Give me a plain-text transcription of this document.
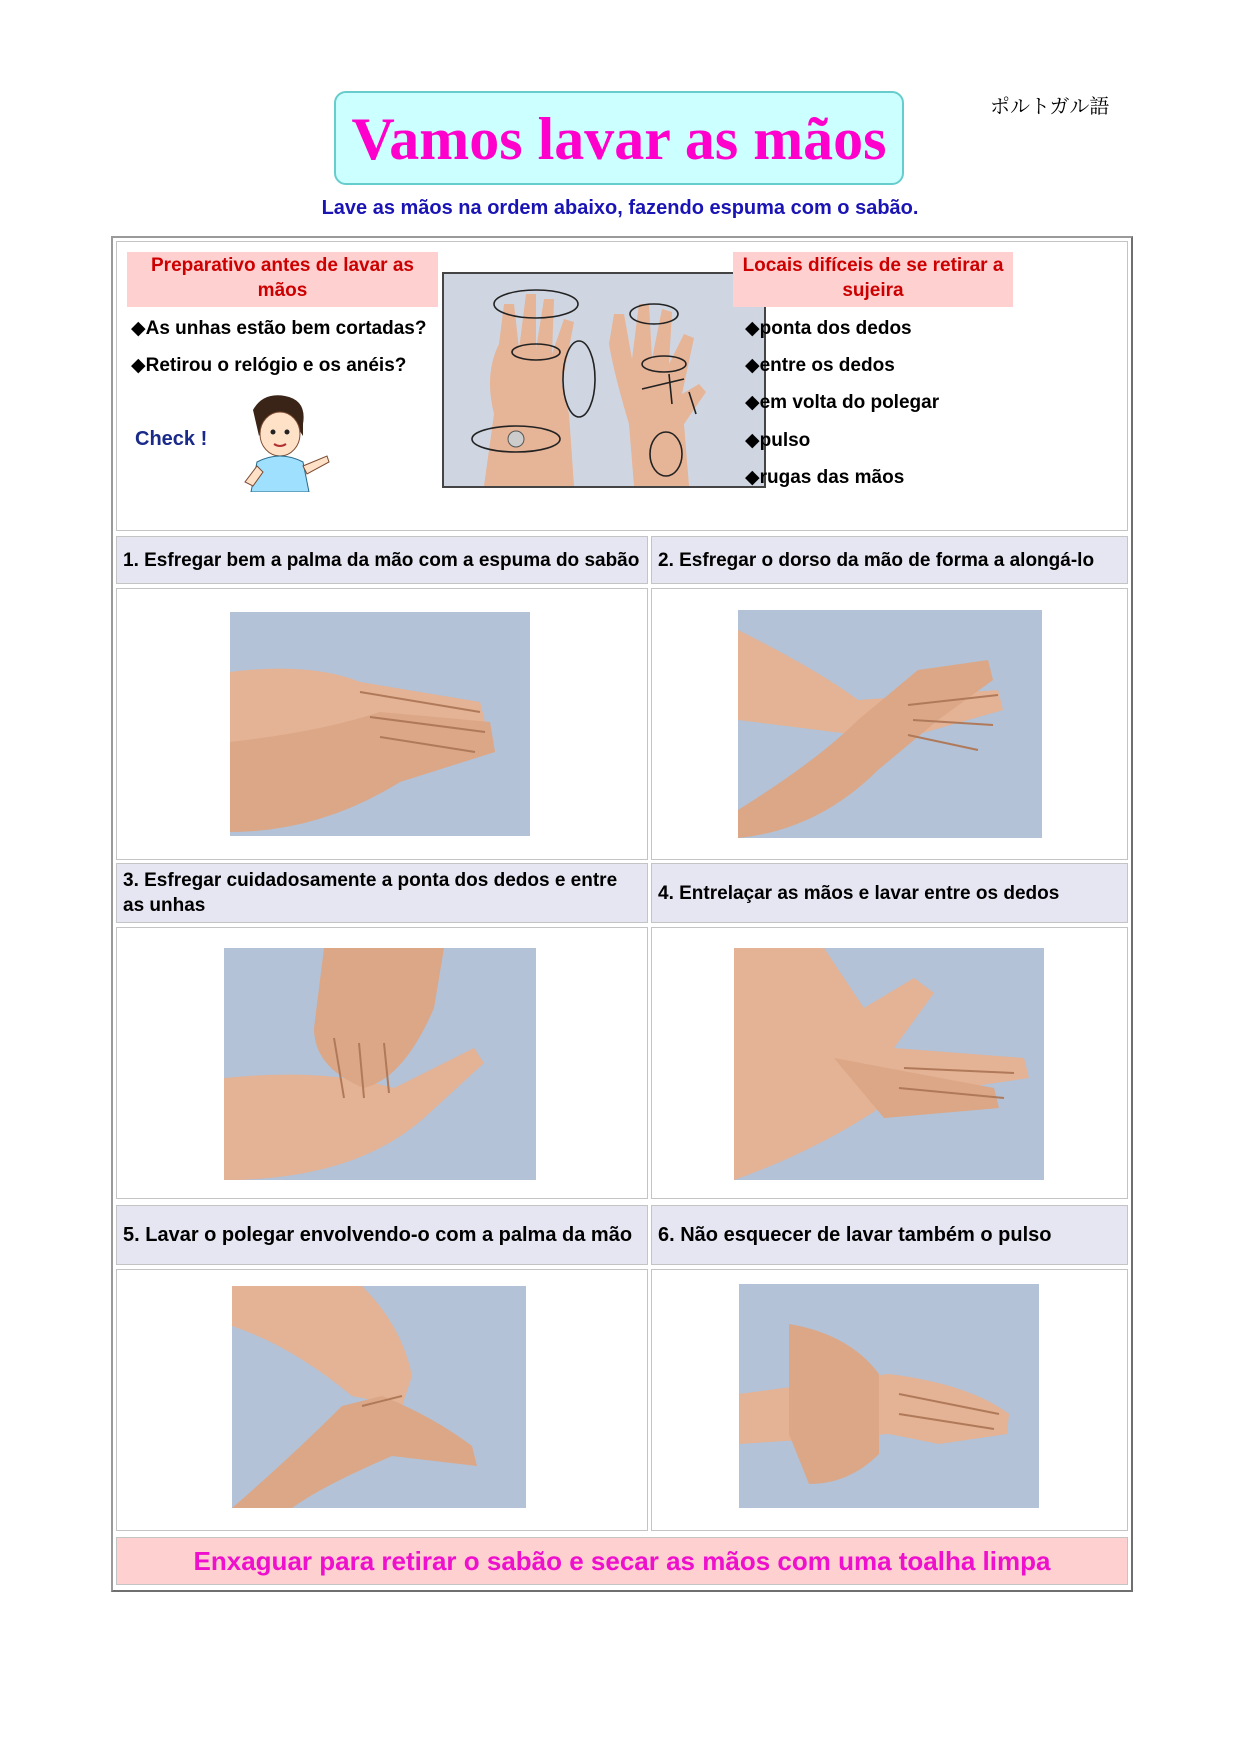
ポルトガル語
Vamos lavar as mãos
Lave as mãos na ordem abaixo, fazendo espuma com o sabão.
Preparativo antes de lavar as mãos
◆As unhas estão bem cortadas?
◆Retirou o relógio e os anéis?
Check !
Locais difíceis de se retirar a sujeira
◆ponta dos dedos
◆entre os dedos
◆em volta do polegar
◆pulso
◆rugas das mãos
1. Esfregar bem a palma da mão com a espuma do sabão 2. Esfregar o dorso da mão de forma a alongá-lo
3. Esfregar cuidadosamente a ponta dos dedos e entre as unhas
4. Entrelaçar as mãos e lavar entre os dedos
5. Lavar o polegar envolvendo-o com a palma da mão	6. Não esquecer de lavar também o pulso
Enxaguar para retirar o sabão e secar as mãos com uma toalha limpa
